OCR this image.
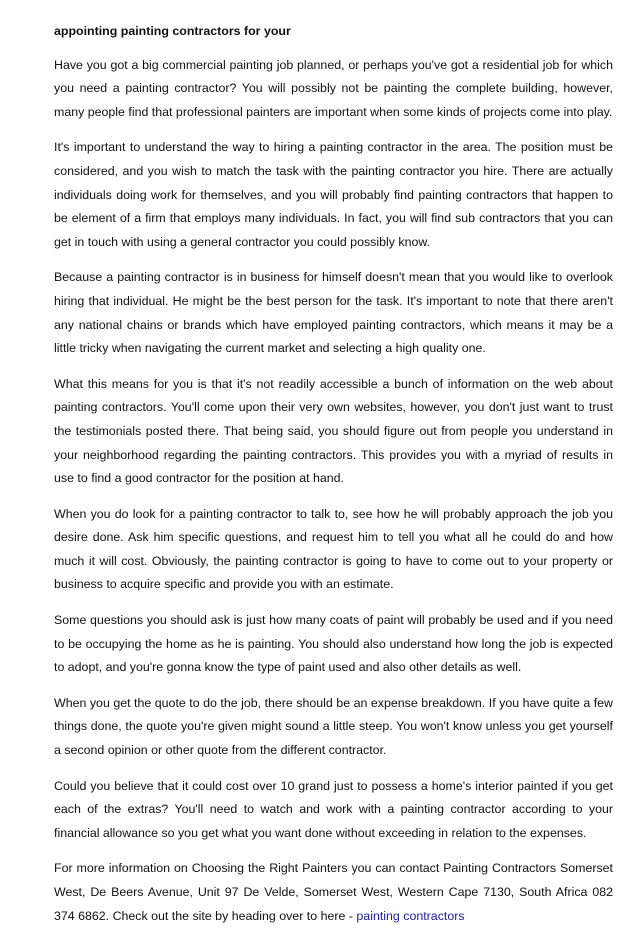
appointing painting contractors for your

Have you got a big commercial painting job planned, or perhaps you've got a residential job for which you need a painting contractor? You will possibly not be painting the complete building, however, many people find that professional painters are important when some kinds of projects come into play.

It's important to understand the way to hiring a painting contractor in the area. The position must be considered, and you wish to match the task with the painting contractor you hire. There are actually individuals doing work for themselves, and you will probably find painting contractors that happen to be element of a firm that employs many individuals. In fact, you will find sub contractors that you can get in touch with using a general contractor you could possibly know.

Because a painting contractor is in business for himself doesn't mean that you would like to overlook hiring that individual. He might be the best person for the task. It's important to note that there aren't any national chains or brands which have employed painting contractors, which means it may be a little tricky when navigating the current market and selecting a high quality one.

What this means for you is that it's not readily accessible a bunch of information on the web about painting contractors. You'll come upon their very own websites, however, you don't just want to trust the testimonials posted there. That being said, you should figure out from people you understand in your neighborhood regarding the painting contractors. This provides you with a myriad of results in use to find a good contractor for the position at hand.

When you do look for a painting contractor to talk to, see how he will probably approach the job you desire done. Ask him specific questions, and request him to tell you what all he could do and how much it will cost. Obviously, the painting contractor is going to have to come out to your property or business to acquire specific and provide you with an estimate.

Some questions you should ask is just how many coats of paint will probably be used and if you need to be occupying the home as he is painting. You should also understand how long the job is expected to adopt, and you're gonna know the type of paint used and also other details as well.

When you get the quote to do the job, there should be an expense breakdown. If you have quite a few things done, the quote you're given might sound a little steep. You won't know unless you get yourself a second opinion or other quote from the different contractor.

Could you believe that it could cost over 10 grand just to possess a home's interior painted if you get each of the extras? You'll need to watch and work with a painting contractor according to your financial allowance so you get what you want done without exceeding in relation to the expenses.

For more information on Choosing the Right Painters you can contact Painting Contractors Somerset West, De Beers Avenue, Unit 97 De Velde, Somerset West, Western Cape 7130, South Africa 082 374 6862. Check out the site by heading over to here - painting contractors
